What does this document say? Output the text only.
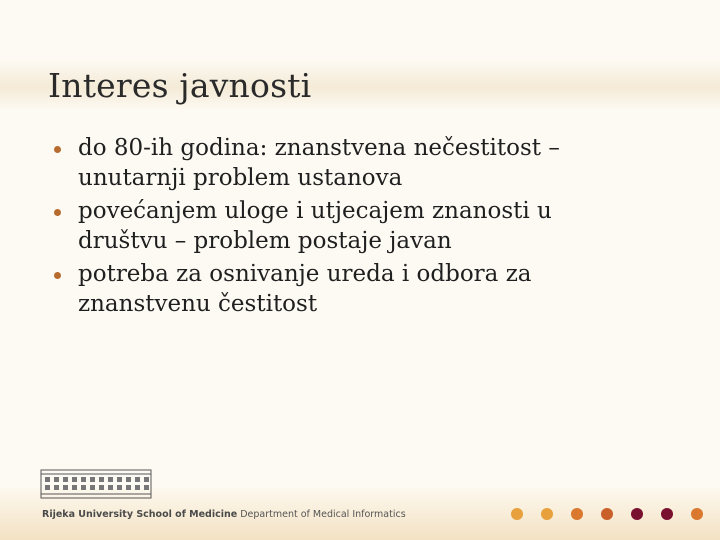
Interes javnosti
do 80-ih godina: znanstvena nečestitost –
unutarnji problem ustanova
povećanjem uloge i utjecajem znanosti u
društvu – problem postaje javan
potreba za osnivanje ureda i odbora za
znanstvenu čestitost
Rijeka University School of Medicine Department of Medical Informatics
